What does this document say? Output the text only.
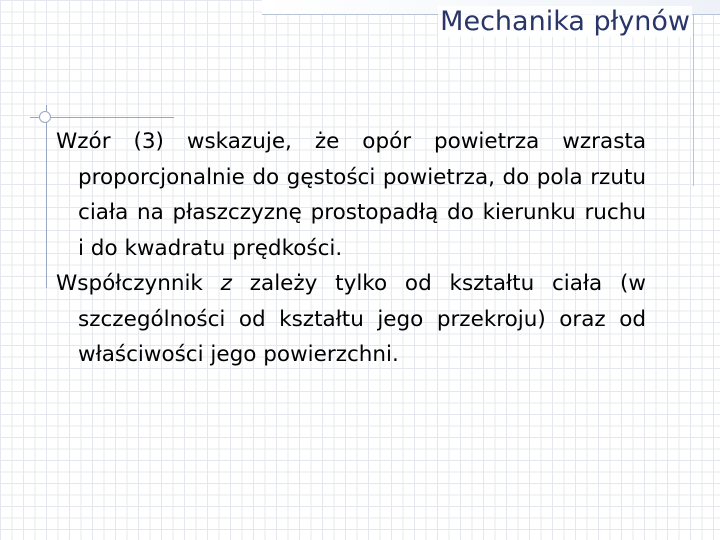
Mechanika płynów

Wzór (3) wskazuje, że opór powietrza wzrasta proporcjonalnie do gęstości powietrza, do pola rzutu ciała na płaszczyznę prostopadłą do kierunku ruchu i do kwadratu prędkości.

Współczynnik z zależy tylko od kształtu ciała (w szczególności od kształtu jego przekroju) oraz od właściwości jego powierzchni.
